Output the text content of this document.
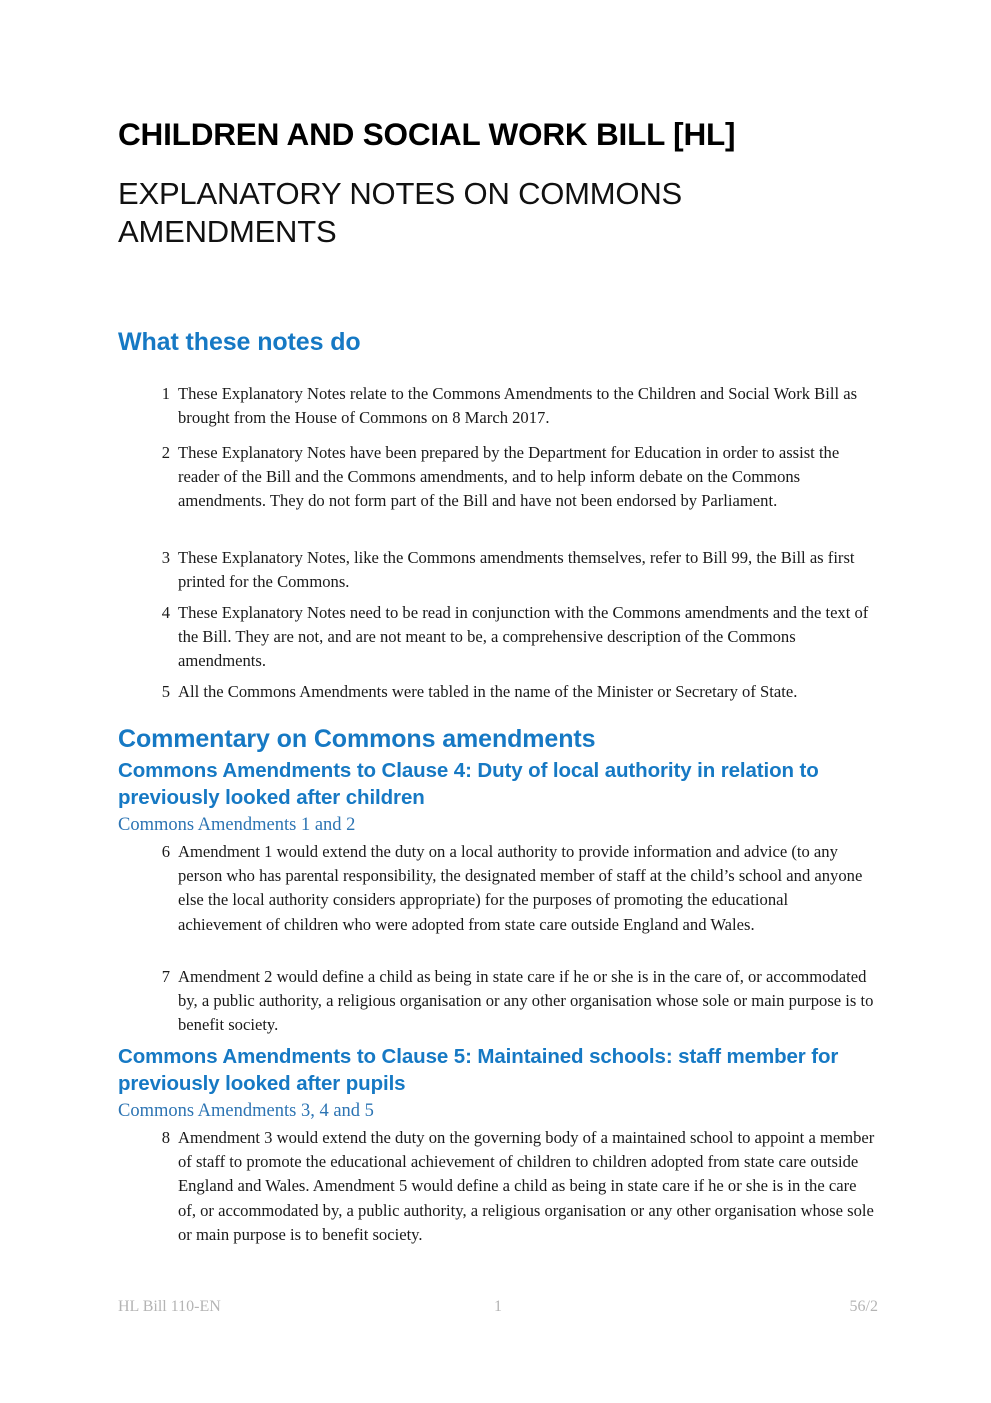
CHILDREN AND SOCIAL WORK BILL [HL]
EXPLANATORY NOTES ON COMMONS AMENDMENTS
What these notes do
1 These Explanatory Notes relate to the Commons Amendments to the Children and Social Work Bill as brought from the House of Commons on 8 March 2017.
2 These Explanatory Notes have been prepared by the Department for Education in order to assist the reader of the Bill and the Commons amendments, and to help inform debate on the Commons amendments. They do not form part of the Bill and have not been endorsed by Parliament.
3 These Explanatory Notes, like the Commons amendments themselves, refer to Bill 99, the Bill as first printed for the Commons.
4 These Explanatory Notes need to be read in conjunction with the Commons amendments and the text of the Bill. They are not, and are not meant to be, a comprehensive description of the Commons amendments.
5 All the Commons Amendments were tabled in the name of the Minister or Secretary of State.
Commentary on Commons amendments
Commons Amendments to Clause 4: Duty of local authority in relation to previously looked after children
Commons Amendments 1 and 2
6 Amendment 1 would extend the duty on a local authority to provide information and advice (to any person who has parental responsibility, the designated member of staff at the child’s school and anyone else the local authority considers appropriate) for the purposes of promoting the educational achievement of children who were adopted from state care outside England and Wales.
7 Amendment 2 would define a child as being in state care if he or she is in the care of, or accommodated by, a public authority, a religious organisation or any other organisation whose sole or main purpose is to benefit society.
Commons Amendments to Clause 5: Maintained schools: staff member for previously looked after pupils
Commons Amendments 3, 4 and 5
8 Amendment 3 would extend the duty on the governing body of a maintained school to appoint a member of staff to promote the educational achievement of children to children adopted from state care outside England and Wales. Amendment 5 would define a child as being in state care if he or she is in the care of, or accommodated by, a public authority, a religious organisation or any other organisation whose sole or main purpose is to benefit society.
HL Bill 110-EN	1	56/2
